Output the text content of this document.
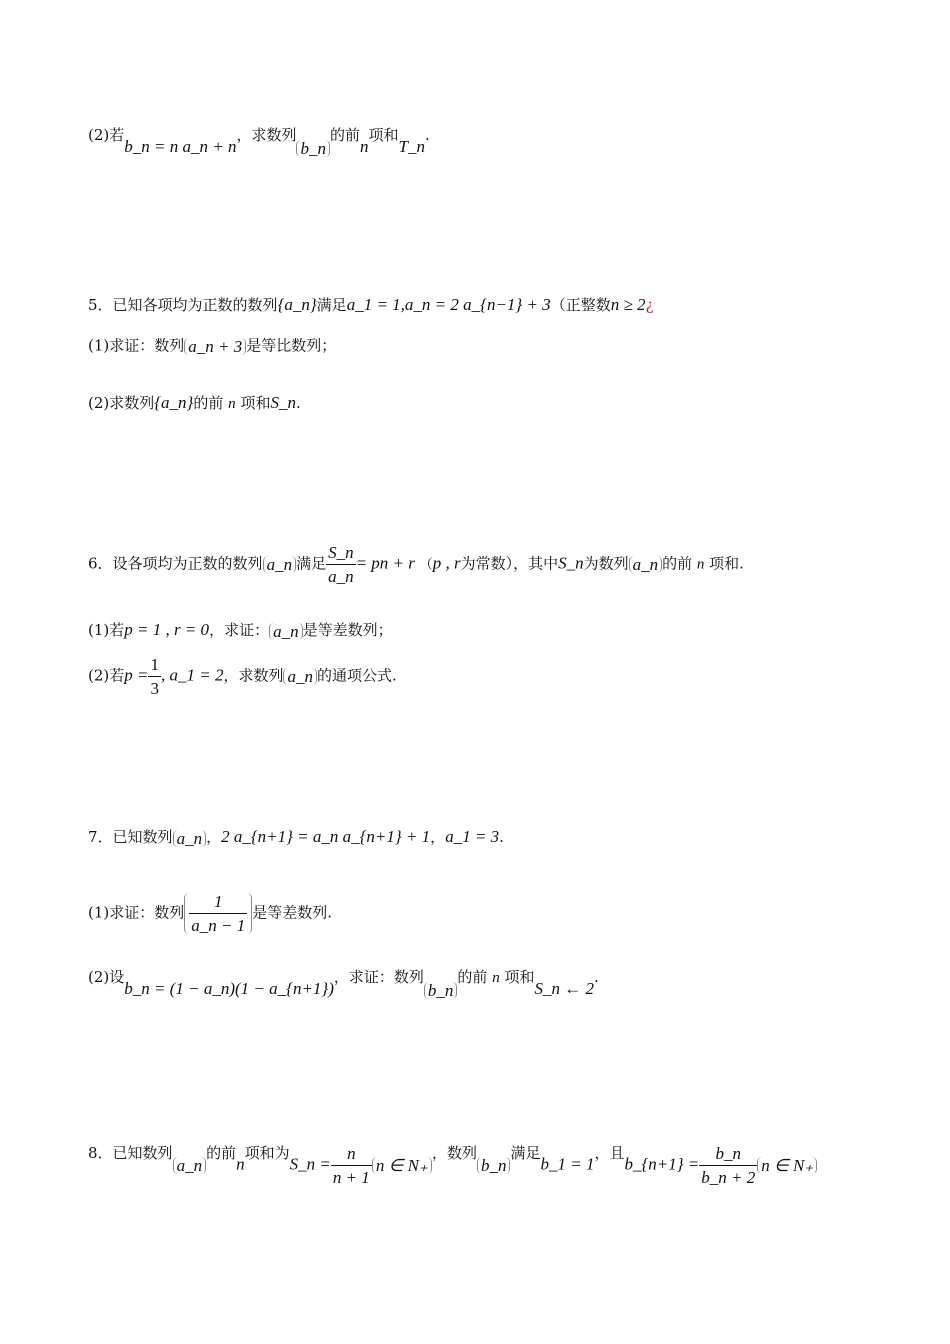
(2)若b_n = n a_n + n，求数列b_n的前n项和T_n.
5．已知各项均为正数的数列{a_n}满足a_1 = 1,a_n = 2 a_{n−1} + 3（正整数n ≥ 2¿
(1)求证：数列 a_n + 3 是等比数列；
(2)求数列{a_n}的前 n 项和S_n.
6．设各项均为正数的数列 a_n 满足 $\frac{S\_n}{a\_n}$ = pn + r （p , r为常数），其中S_n为数列 a_n 的前 n 项和.
(1)若p = 1 , r = 0，求证： a_n 是等差数列；
(2)若$p = \frac{1}{3}$ , a_1 = 2，求数列 a_n 的通项公式.
7．已知数列 a_n ，2 a_{n+1} = a_n a_{n+1} + 1，a_1 = 3.
(1)求证：数列 $\frac{1}{a\_n - 1}$ 是等差数列.
(2)设b_n = (1 − a_n)(1 − a_{n+1})，求证：数列b_n的前 n 项和S_n ← 2.
8．已知数列a_n的前n项和为S_n = $\frac{n}{n + 1}$ n ∈ N₊，数列b_n满足b_1 = 1，且b_{n+1} = $\frac{b\_n}{b\_n + 2}$ n ∈ N₊
